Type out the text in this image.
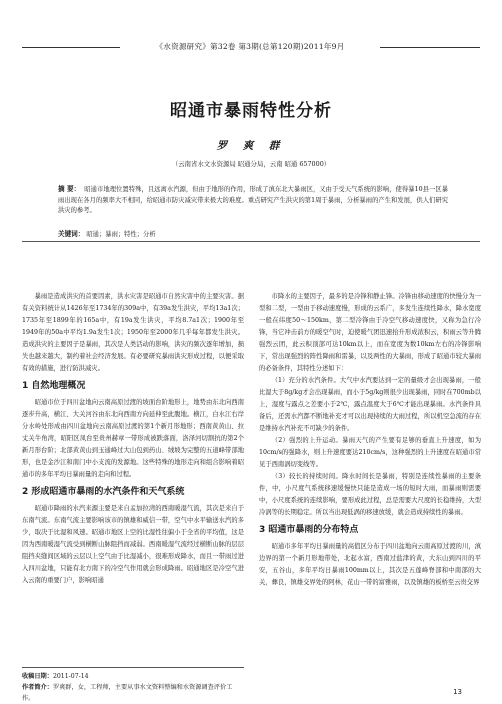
《水资源研究》第32卷 第3期(总第120期)2011年9月
昭通市暴雨特性分析
罗 爽 群
（云南省水文水资源局 昭通分局，云南 昭通 657000）
摘 要： 昭通市地理位置特殊，且远离水汽源，但由于地形的作用，形成了滇东北大暴雨区，又由于受天气系统的影响，使得暴10县一区暴雨出现在各月的频率大不相同，给昭通市防灾减灾带来极大的难度。重点研究产生洪灾的第1周于暴雨，分析暴雨的产生和发展，供人们研究洪灾的参考。
关键词： 昭通；暴雨；特性；分析

暴雨是造成洪灾的首要因素，洪水灾害是昭通市自然灾害中的主要灾害。据有关资料统计从1426年至1734年的309a中，有39a发生洪灾，平均13a1次；1735年至1899年的165a中，有19a发生洪灾，平均8.7a1次；1900年至1949年的50a中平均1.9a发生1次；1950年至2000年几乎每年都发生洪灾。造成洪灾的主要因子是暴雨，其次是人类活动的影响，洪灾的频次逐年增加，损失也越来越大，制约着社会经济发展。有必要研究暴雨洪灾形成过程，以便采取有效的措施，进行防洪减灾。

1 自然地理概况

昭通市位于四川盆地向云南高原过渡的坡面台阶地形上，地势由东北向西南逐步升高，横江、大关河谷由东北向西南方向延伸至此腹地。横江，白水江右岸分水岭处形成由四川盆地向云南高原过渡的第1个新月形地形；西南黄黄山、拉丈关牛角湾，昭阳区凤台至贵州赫章一带形成被跌落面，洛泽河切割抗的第2个新月形台阶；北部黄黄山到玉通峰过大山包到药山、绒坡为完整的五道峰带部地形，也是金沙江和南门中小支流的发源地。这些特殊的地形走向和组合影响着昭通市的多年平均日暴雨量的走向和过程。

2 形成昭通市暴雨的水汽条件和天气系统

昭通市降雨的水汽来源主要是来自孟加拉湾的西南暖湿气流，其次是来自于东南气流。东南气流主要影响该市的镇雄和威信一带，空气中水平输送水汽的多少，取决于比湿和风速。昭通市地区上空的比湿性往偏小于全省的平均值，这是因为西南暖湿气流受到横断山脉阻挡而减弱。西南暖湿气流经过横断山脉的层层阻挡夹缝间区域的云层以上空气由于比湿减小，很难形成降水，而且一带雨过进入四川盆地，只能有北方南下的冷空气作用就会形成降雨。昭通地区是冷空气进入云南的重要门户，影响昭通

市降水的主要因子，最多的是冷锋和静止锋。冷锋由移动速度的快慢分为一型和二型，一型由于移动速度慢，形成的云系广，多发生连续性降水，降水宽度一般在纬度50～150km，第二型冷锋由于冷空气移动速度快，又称为急行冷锋，当它冲击前方的暖空气时，迫使暖气团迅速抬升形成浓积云，积雨云等升腾强烈云团，此云积顶部可达10km以上，而在宽度为数10km左右的冷锋影响下，常出现强烈的阵性降雨和雷暴，以及两性的大暴雨，形成了昭通市较大暴雨的必备条件，其特性分述如下：

（1）充分的水汽条件。大气中水汽要达到一定的量级才会出现暴雨，一般比湿大于8g/kg才会出现暴雨，而小于5g/kg则很少出现暴雨，同时在700mb以上，湿度与露点之差要小于2℃，露点温度大于6℃才能出现暴雨。水汽条件具备后，还需水汽都不断地补充才可以出现持续的大雨过程，所以机空急流的存在是维持水汽补充不可缺少的条件。

（2）强烈的上升运动。暴雨天气的产生要有足够的垂直上升速度，如为10cm/s的强降水，则上升速度要达210cm/s，这种强烈的上升速度在昭通市常见于西南涡切变线等。

（3）较长的持续时间。降水时间长是暴雨，特别是连续性暴雨的主要条件，中，小尺度气系统移速缓慢快只能是造成一场的短时大雨，而暴雨则需要中，小尺度系统的连续影响，要形成此过程，总是需要大尺度的长稳维持，大型冷涡等的长期稳定。所以当出现低涡的移速放缓，就会造成持续性的暴雨。

3 昭通市暴雨的分布特点

昭通市多年平均日暴雨量的高值区分布于四川盆地向云南高原过渡的川，滇边界的第一个新月形地带处，北起水富，西南过盐津的黄，大东山到四川的平安，五谷山，多年平均日暴雨100mm以上，其次是五莲峰脊部和中南部的大关，彝良，镇雄交界处的阿林，花山一带的富雅雨，以及镇雄的板桥至云贵交界

收稿日期：2011-07-14
作者简介：罗爽群，女，工程师，主要从事水文资料整编和水资源调查评价工作。
13
